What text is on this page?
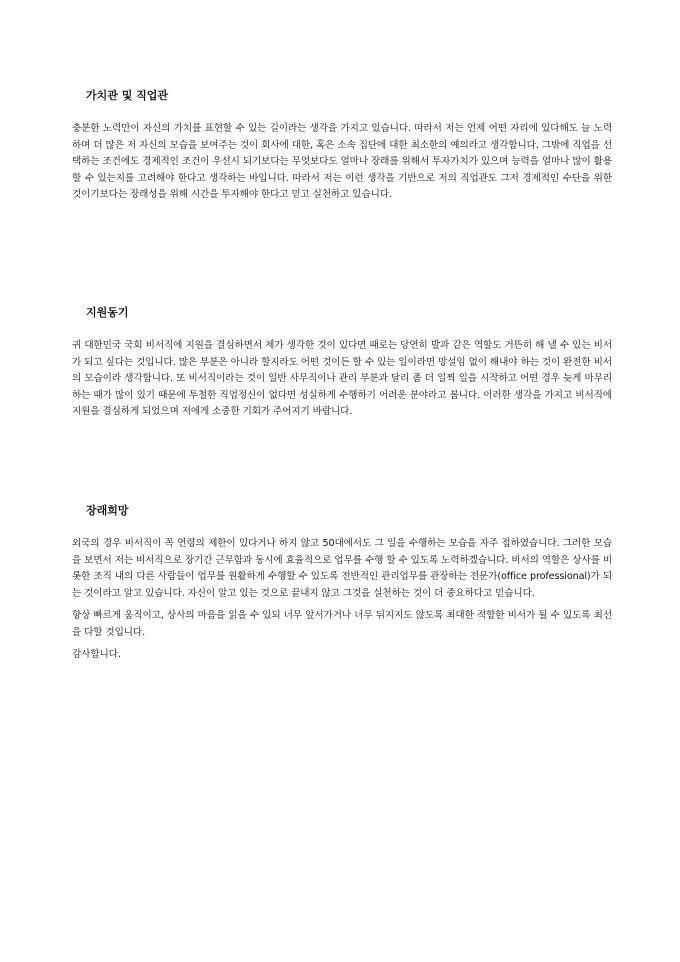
가치관 및 직업관

충분한 노력만이 자신의 가치를 표현할 수 있는 길이라는 생각을 가지고 있습니다. 따라서 저는 언제 어떤 자리에 있다해도 늘 노력하며 더 많은 저 자신의 모습을 보여주는 것이 회사에 대한, 혹은 소속 집단에 대한 최소한의 예의라고 생각합니다. 그밖에 직업을 선택하는 조건에도 경제적인 조건이 우선시 되기보다는 무엇보다도 얼마나 장래를 위해서 투자가치가 있으며 능력을 얼마나 많이 활용할 수 있는지를 고려해야 한다고 생각하는 바입니다. 따라서 저는 이런 생각을 기반으로 저의 직업관도 그저 경제적인 수단을 위한 것이기보다는 장래성을 위해 시간을 투자해야 한다고 믿고 실천하고 있습니다.

지원동기

귀 대한민국 국회 비서직에 지원을 결심하면서 제가 생각한 것이 있다면 때로는 당연히 발과 같은 역할도 거뜬히 해 낼 수 있는 비서가 되고 싶다는 것입니다. 많은 부분은 아니라 할지라도 어떤 것이든 할 수 있는 일이라면 망설임 없이 해내야 하는 것이 완전한 비서의 모습이라 생각합니다. 또 비서직이라는 것이 일반 사무직이나 관리 부분과 달리 좀 더 일찍 일을 시작하고 어떤 경우 늦게 마무리하는 때가 많이 있기 때문에 투철한 직업정신이 없다면 성실하게 수행하기 어려운 분야라고 봅니다. 이러한 생각을 가지고 비서직에 지원을 결심하게 되었으며 저에게 소중한 기회가 주어지기 바랍니다.

장래희망

외국의 경우 비서직이 꼭 연령의 제한이 있다거나 하지 않고 50대에서도 그 일을 수행하는 모습을 자주 접하였습니다. 그러한 모습을 보면서 저는 비서직으로 장기간 근무함과 동시에 효율적으로 업무를 수행 할 수 있도록 노력하겠습니다. 비서의 역할은 상사를 비롯한 조직 내의 다른 사람들이 업무를 원활하게 수행할 수 있도록 전반적인 관리업무를 관장하는 전문가(office professional)가 되는 것이라고 알고 있습니다. 자신이 알고 있는 것으로 끝내지 않고 그것을 실천하는 것이 더 중요하다고 믿습니다.

항상 빠르게 움직이고, 상사의 마음을 읽을 수 있되 너무 앞서가거나 너무 뒤지지도 않도록 최대한 적합한 비서가 될 수 있도록 최선을 다할 것입니다.

감사합니다.
